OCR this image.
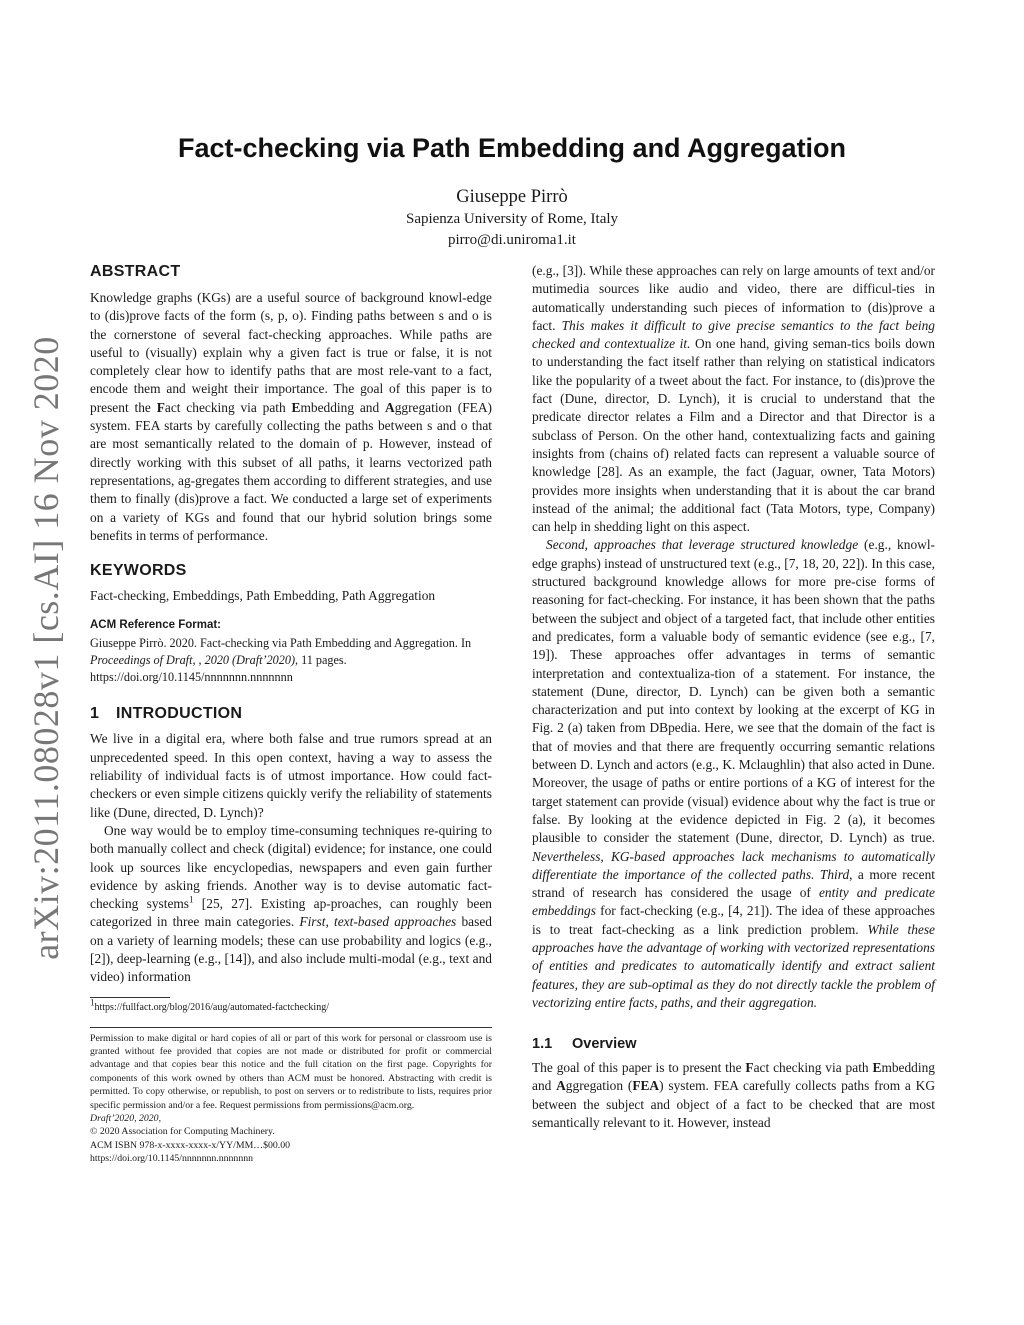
arXiv:2011.08028v1 [cs.AI] 16 Nov 2020
Fact-checking via Path Embedding and Aggregation
Giuseppe Pirrò
Sapienza University of Rome, Italy
pirro@di.uniroma1.it
ABSTRACT

Knowledge graphs (KGs) are a useful source of background knowl-edge to (dis)prove facts of the form (s, p, o). Finding paths between s and o is the cornerstone of several fact-checking approaches. While paths are useful to (visually) explain why a given fact is true or false, it is not completely clear how to identify paths that are most rele-vant to a fact, encode them and weight their importance. The goal of this paper is to present the Fact checking via path Embedding and Aggregation (FEA) system. FEA starts by carefully collecting the paths between s and o that are most semantically related to the domain of p. However, instead of directly working with this subset of all paths, it learns vectorized path representations, ag-gregates them according to different strategies, and use them to finally (dis)prove a fact. We conducted a large set of experiments on a variety of KGs and found that our hybrid solution brings some benefits in terms of performance.

KEYWORDS

Fact-checking, Embeddings, Path Embedding, Path Aggregation

ACM Reference Format:

Giuseppe Pirrò. 2020. Fact-checking via Path Embedding and Aggregation. In Proceedings of Draft, , 2020 (Draft’2020), 11 pages.
https://doi.org/10.1145/nnnnnnn.nnnnnnn

1 INTRODUCTION

We live in a digital era, where both false and true rumors spread at an unprecedented speed. In this open context, having a way to assess the reliability of individual facts is of utmost importance. How could fact-checkers or even simple citizens quickly verify the reliability of statements like (Dune, directed, D. Lynch)?

One way would be to employ time-consuming techniques re-quiring to both manually collect and check (digital) evidence; for instance, one could look up sources like encyclopedias, newspapers and even gain further evidence by asking friends. Another way is to devise automatic fact-checking systems$^1$ [25, 27]. Existing ap-proaches, can roughly been categorized in three main categories. First, text-based approaches based on a variety of learning models; these can use probability and logics (e.g., [2]), deep-learning (e.g., [14]), and also include multi-modal (e.g., text and video) information

$^1$https://fullfact.org/blog/2016/aug/automated-factchecking/
Permission to make digital or hard copies of all or part of this work for personal or classroom use is granted without fee provided that copies are not made or distributed for profit or commercial advantage and that copies bear this notice and the full citation on the first page. Copyrights for components of this work owned by others than ACM must be honored. Abstracting with credit is permitted. To copy otherwise, or republish, to post on servers or to redistribute to lists, requires prior specific permission and/or a fee. Request permissions from permissions@acm.org.
Draft’2020, 2020,
© 2020 Association for Computing Machinery.
ACM ISBN 978-x-xxxx-xxxx-x/YY/MM…$00.00
https://doi.org/10.1145/nnnnnnn.nnnnnnn

(e.g., [3]). While these approaches can rely on large amounts of text and/or mutimedia sources like audio and video, there are difficul-ties in automatically understanding such pieces of information to (dis)prove a fact. This makes it difficult to give precise semantics to the fact being checked and contextualize it. On one hand, giving seman-tics boils down to understanding the fact itself rather than relying on statistical indicators like the popularity of a tweet about the fact. For instance, to (dis)prove the fact (Dune, director, D. Lynch), it is crucial to understand that the predicate director relates a Film and a Director and that Director is a subclass of Person. On the other hand, contextualizing facts and gaining insights from (chains of) related facts can represent a valuable source of knowledge [28]. As an example, the fact (Jaguar, owner, Tata Motors) provides more insights when understanding that it is about the car brand instead of the animal; the additional fact (Tata Motors, type, Company) can help in shedding light on this aspect.

Second, approaches that leverage structured knowledge (e.g., knowl-edge graphs) instead of unstructured text (e.g., [7, 18, 20, 22]). In this case, structured background knowledge allows for more pre-cise forms of reasoning for fact-checking. For instance, it has been shown that the paths between the subject and object of a targeted fact, that include other entities and predicates, form a valuable body of semantic evidence (see e.g., [7, 19]). These approaches offer advantages in terms of semantic interpretation and contextualiza-tion of a statement. For instance, the statement (Dune, director, D. Lynch) can be given both a semantic characterization and put into context by looking at the excerpt of KG in Fig. 2 (a) taken from DBpedia. Here, we see that the domain of the fact is that of movies and that there are frequently occurring semantic relations between D. Lynch and actors (e.g., K. Mclaughlin) that also acted in Dune. Moreover, the usage of paths or entire portions of a KG of interest for the target statement can provide (visual) evidence about why the fact is true or false. By looking at the evidence depicted in Fig. 2 (a), it becomes plausible to consider the statement (Dune, director, D. Lynch) as true. Nevertheless, KG-based approaches lack mechanisms to automatically differentiate the importance of the collected paths. Third, a more recent strand of research has considered the usage of entity and predicate embeddings for fact-checking (e.g., [4, 21]). The idea of these approaches is to treat fact-checking as a link prediction problem. While these approaches have the advantage of working with vectorized representations of entities and predicates to automatically identify and extract salient features, they are sub-optimal as they do not directly tackle the problem of vectorizing entire facts, paths, and their aggregation.

1.1 Overview

The goal of this paper is to present the Fact checking via path Embedding and Aggregation (FEA) system. FEA carefully collects paths from a KG between the subject and object of a fact to be checked that are most semantically relevant to it. However, instead
